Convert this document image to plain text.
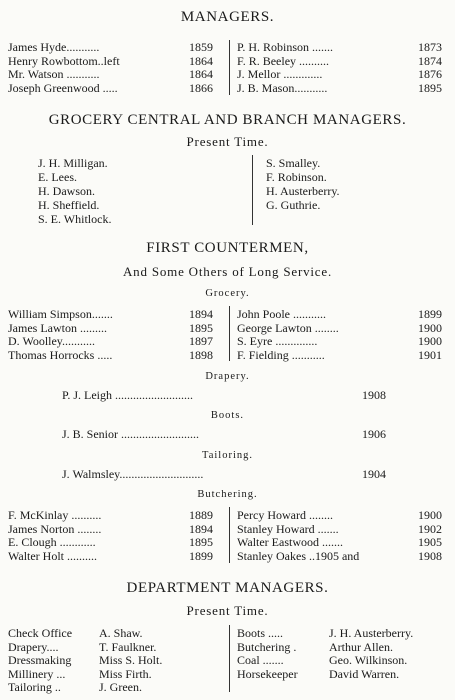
MANAGERS.
GROCERY CENTRAL AND BRANCH MANAGERS.
Present Time.
FIRST COUNTERMEN,
And Some Others of Long Service.
Grocery.
Drapery.
P. J. Leigh ..........................	1908
Boots.
J. B. Senior ..........................	1906
Tailoring.
J. Walmsley............................	1904
Butchering.
DEPARTMENT MANAGERS.
Present Time.
James Hyde...........	1859
Henry Rowbottom..left	1864
Mr. Watson ...........	1864
Joseph Greenwood .....	1866
P. H. Robinson .......	1873
F. R. Beeley ..........	1874
J. Mellor .............	1876
J. B. Mason...........	1895
William Simpson.......	1894
James Lawton .........	1895
D. Woolley...........	1897
Thomas Horrocks .....	1898
John Poole ...........	1899
George Lawton ........	1900
S. Eyre ..............	1900
F. Fielding ...........	1901
F. McKinlay ..........	1889
James Norton ........	1894
E. Clough ............	1895
Walter Holt ..........	1899
Percy Howard ........	1900
Stanley Howard .......	1902
Walter Eastwood .......	1905
Stanley Oakes ..1905 and	1908
J. H. Milligan.
E. Lees.
H. Dawson.
H. Sheffield.
S. E. Whitlock.
S. Smalley.
F. Robinson.
H. Austerberry.
G. Guthrie.
Check Office A. Shaw.
Drapery....	T. Faulkner.
Dressmaking Miss S. Holt.
Millinery ...	Miss Firth.
Tailoring ..	J. Green.
Boots .....	J. H. Austerberry.
Butchering .	Arthur Allen.
Coal .......	Geo. Wilkinson.
Horsekeeper	David Warren.
